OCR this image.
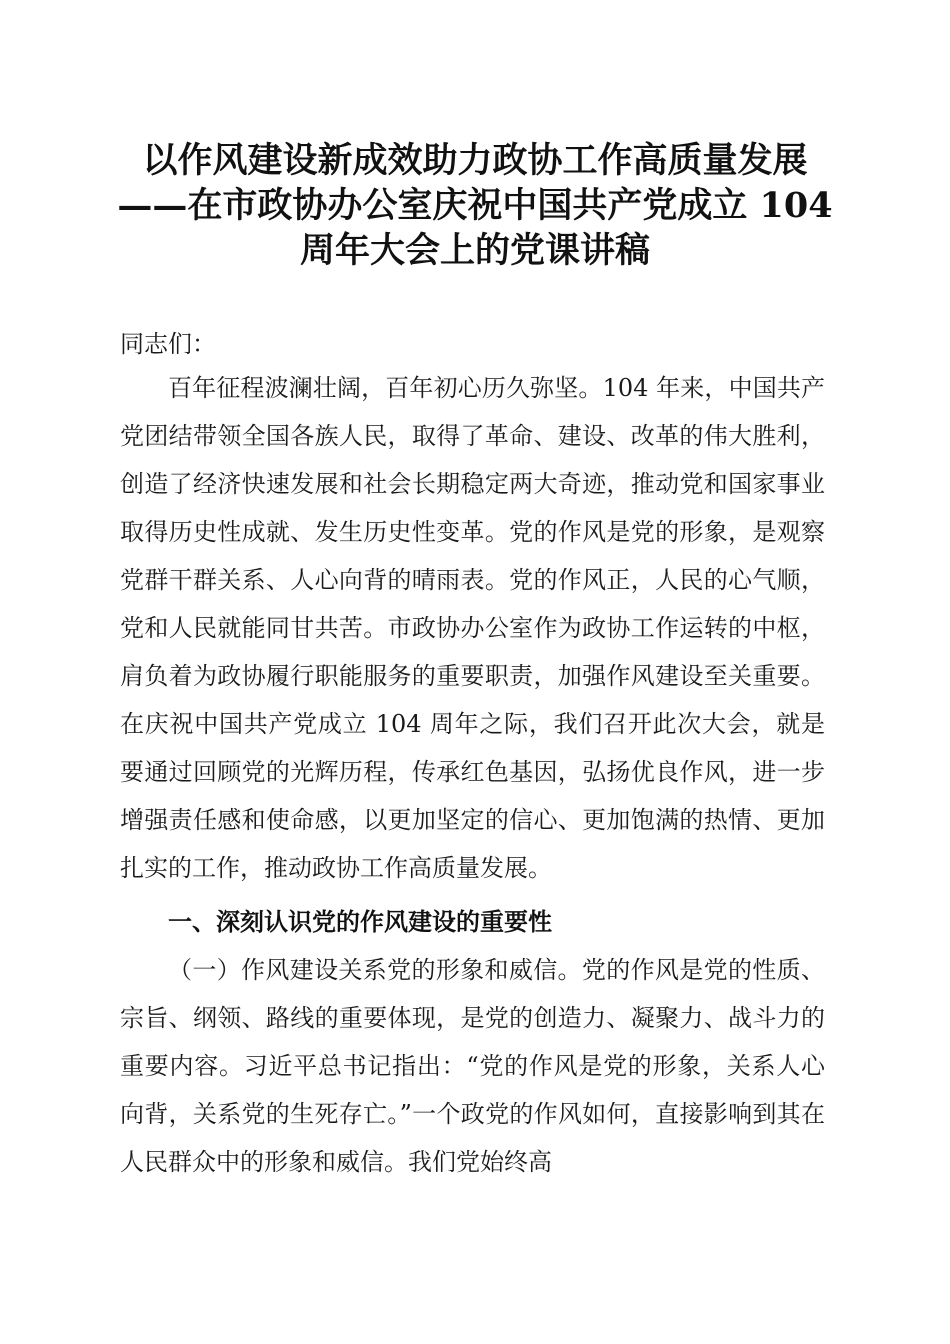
以作风建设新成效助力政协工作高质量发展
——在市政协办公室庆祝中国共产党成立 104
周年大会上的党课讲稿

同志们：

百年征程波澜壮阔，百年初心历久弥坚。104 年来，中国共产党团结带领全国各族人民，取得了革命、建设、改革的伟大胜利，创造了经济快速发展和社会长期稳定两大奇迹，推动党和国家事业取得历史性成就、发生历史性变革。党的作风是党的形象，是观察党群干群关系、人心向背的晴雨表。党的作风正，人民的心气顺，党和人民就能同甘共苦。市政协办公室作为政协工作运转的中枢，肩负着为政协履行职能服务的重要职责，加强作风建设至关重要。在庆祝中国共产党成立 104 周年之际，我们召开此次大会，就是要通过回顾党的光辉历程，传承红色基因，弘扬优良作风，进一步增强责任感和使命感，以更加坚定的信心、更加饱满的热情、更加扎实的工作，推动政协工作高质量发展。

一、深刻认识党的作风建设的重要性

（一）作风建设关系党的形象和威信。党的作风是党的性质、宗旨、纲领、路线的重要体现，是党的创造力、凝聚力、战斗力的重要内容。习近平总书记指出：“党的作风是党的形象，关系人心向背，关系党的生死存亡。”一个政党的作风如何，直接影响到其在人民群众中的形象和威信。我们党始终高
